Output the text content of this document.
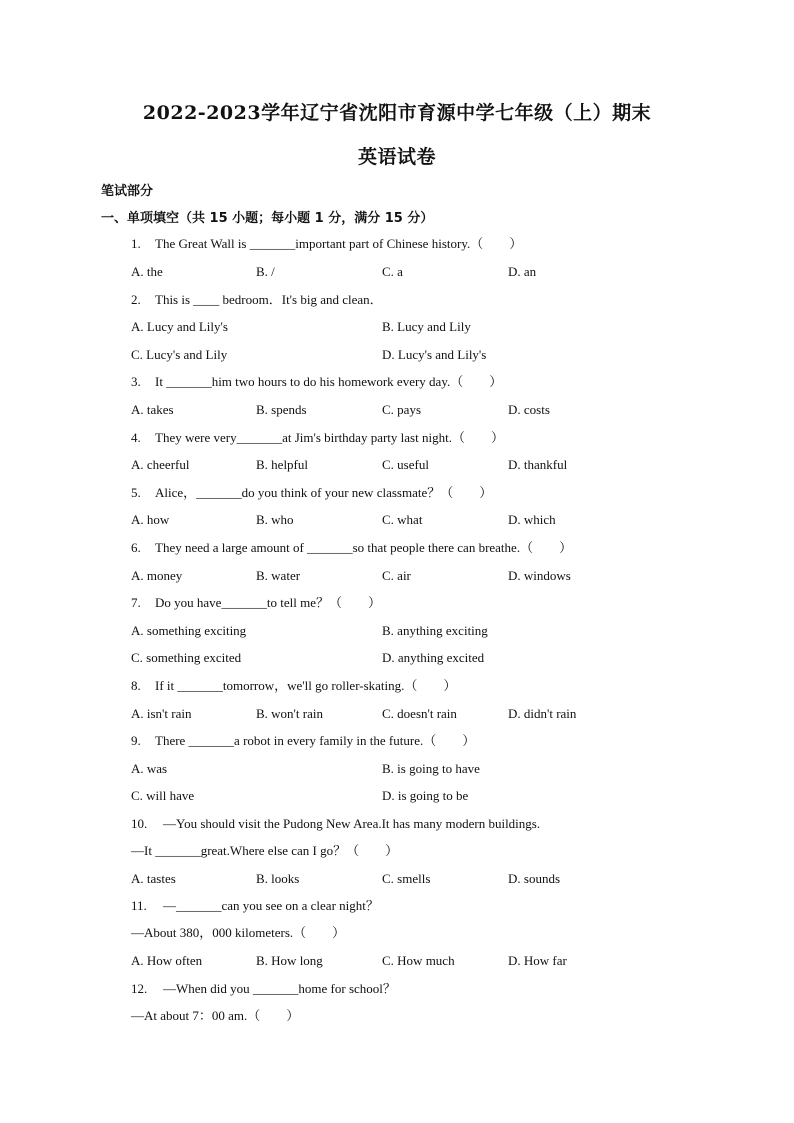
2022-2023学年辽宁省沈阳市育源中学七年级（上）期末
英语试卷
笔试部分
一、单项填空（共 15 小题；每小题 1 分，满分 15 分）
1. The Great Wall is _______important part of Chinese history.（　　）
A. the	B. /	C. a	D. an
2. This is ____ bedroom．It's big and clean．
A. Lucy and Lily's	B. Lucy and Lily
C. Lucy's and Lily	D. Lucy's and Lily's
3. It _______him two hours to do his homework every day.（　　）
A. takes	B. spends	C. pays	D. costs
4. They were very_______at Jim's birthday party last night.（　　）
A. cheerful	B. helpful	C. useful	D. thankful
5. Alice，_______do you think of your new classmate？（　　）
A. how	B. who	C. what	D. which
6. They need a large amount of _______so that people there can breathe.（　　）
A. money	B. water	C. air	D. windows
7. Do you have_______to tell me？（　　）
A. something exciting	B. anything exciting
C. something excited	D. anything excited
8. If it _______tomorrow，we'll go roller-skating.（　　）
A. isn't rain	B. won't rain	C. doesn't rain	D. didn't rain
9. There _______a robot in every family in the future.（　　）
A. was	B. is going to have
C. will have	D. is going to be
10. —You should visit the Pudong New Area.It has many modern buildings.
—It _______great.Where else can I go？（　　）
A. tastes	B. looks	C. smells	D. sounds
11. —_______can you see on a clear night？
—About 380，000 kilometers.（　　）
A. How often	B. How long	C. How much	D. How far
12. —When did you _______home for school？
—At about 7：00 am.（　　）
